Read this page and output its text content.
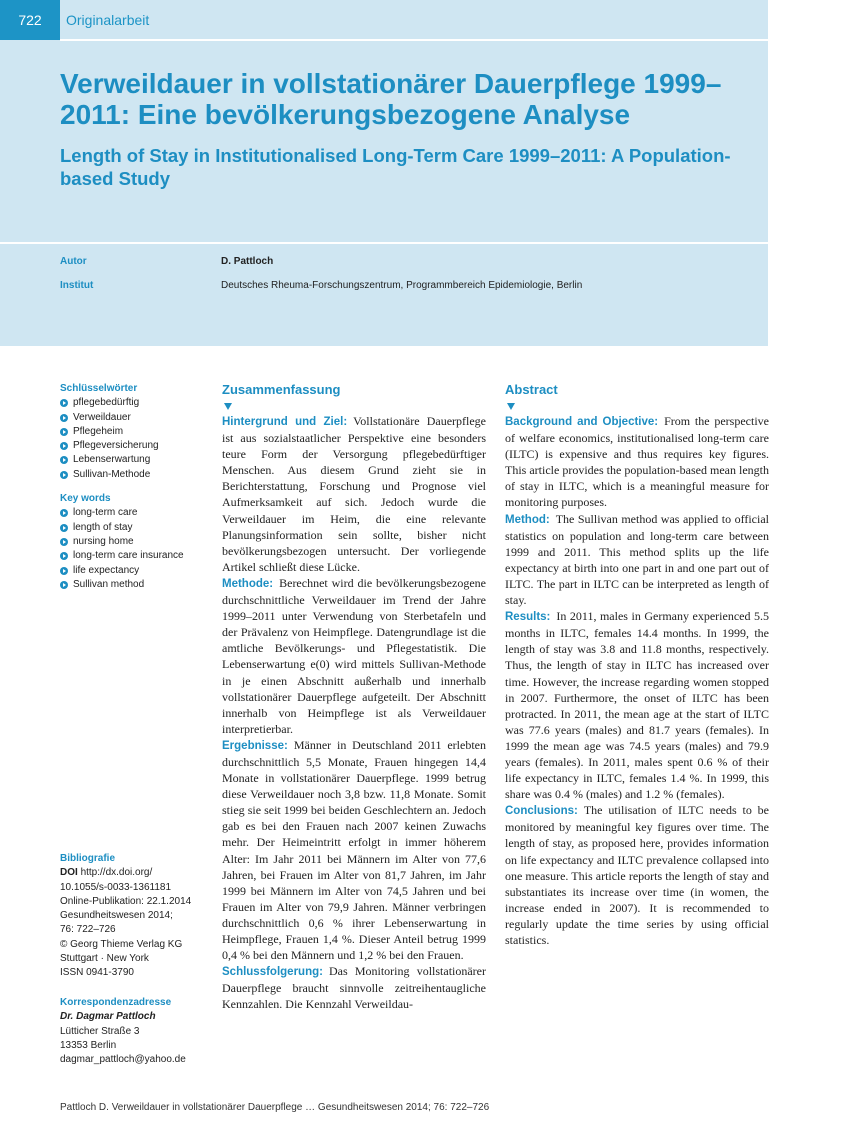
722	Originalarbeit
Verweildauer in vollstationärer Dauerpflege 1999–2011: Eine bevölkerungsbezogene Analyse
Length of Stay in Institutionalised Long-Term Care 1999–2011: A Population-based Study
Autor	D. Pattloch
Institut	Deutsches Rheuma-Forschungszentrum, Programmbereich Epidemiologie, Berlin

Schlüsselwörter

pflegebedürftig
Verweildauer
Pflegeheim
Pflegeversicherung
Lebenserwartung
Sullivan-Methode

Key words

long-term care
length of stay
nursing home
long-term care insurance
life expectancy
Sullivan method
Bibliografie
DOI http://dx.doi.org/
10.1055/s-0033-1361181
Online-Publikation: 22.1.2014
Gesundheitswesen 2014;
76: 722–726
© Georg Thieme Verlag KG
Stuttgart · New York
ISSN 0941-3790
Korrespondenzadresse
Dr. Dagmar Pattloch
Lütticher Straße 3
13353 Berlin
dagmar_pattloch@yahoo.de
Zusammenfassung

Hintergrund und Ziel: Vollstationäre Dauerpflege ist aus sozialstaatlicher Perspektive eine besonders teure Form der Versorgung pflegebedürftiger Menschen. Aus diesem Grund zieht sie in Berichterstattung, Forschung und Prognose viel Aufmerksamkeit auf sich. Jedoch wurde die Verweildauer im Heim, die eine relevante Planungsinformation sein sollte, bisher nicht bevölkerungsbezogen untersucht. Der vorliegende Artikel schließt diese Lücke.

Methode: Berechnet wird die bevölkerungsbezogene durchschnittliche Verweildauer im Trend der Jahre 1999–2011 unter Verwendung von Sterbetafeln und der Prävalenz von Heimpflege. Datengrundlage ist die amtliche Bevölkerungs- und Pflegestatistik. Die Lebenserwartung e(0) wird mittels Sullivan-Methode in je einen Abschnitt außerhalb und innerhalb vollstationärer Dauerpflege aufgeteilt. Der Abschnitt innerhalb von Heimpflege ist als Verweildauer interpretierbar.

Ergebnisse: Männer in Deutschland 2011 erlebten durchschnittlich 5,5 Monate, Frauen hingegen 14,4 Monate in vollstationärer Dauerpflege. 1999 betrug diese Verweildauer noch 3,8 bzw. 11,8 Monate. Somit stieg sie seit 1999 bei beiden Geschlechtern an. Jedoch gab es bei den Frauen nach 2007 keinen Zuwachs mehr. Der Heimeintritt erfolgt in immer höherem Alter: Im Jahr 2011 bei Männern im Alter von 77,6 Jahren, bei Frauen im Alter von 81,7 Jahren, im Jahr 1999 bei Männern im Alter von 74,5 Jahren und bei Frauen im Alter von 79,9 Jahren. Männer verbringen durchschnittlich 0,6 % ihrer Lebenserwartung in Heimpflege, Frauen 1,4 %. Dieser Anteil betrug 1999 0,4 % bei den Männern und 1,2 % bei den Frauen.

Schlussfolgerung: Das Monitoring vollstationärer Dauerpflege braucht sinnvolle zeitreihentaugliche Kennzahlen. Die Kennzahl Verweildau-

Abstract

Background and Objective: From the perspective of welfare economics, institutionalised long-term care (ILTC) is expensive and thus requires key figures. This article provides the population-based mean length of stay in ILTC, which is a meaningful measure for monitoring purposes.

Method: The Sullivan method was applied to official statistics on population and long-term care between 1999 and 2011. This method splits up the life expectancy at birth into one part in and one part out of ILTC. The part in ILTC can be interpreted as length of stay.

Results: In 2011, males in Germany experienced 5.5 months in ILTC, females 14.4 months. In 1999, the length of stay was 3.8 and 11.8 months, respectively. Thus, the length of stay in ILTC has increased over time. However, the increase regarding women stopped in 2007. Furthermore, the onset of ILTC has been protracted. In 2011, the mean age at the start of ILTC was 77.6 years (males) and 81.7 years (females). In 1999 the mean age was 74.5 years (males) and 79.9 years (females). In 2011, males spent 0.6 % of their life expectancy in ILTC, females 1.4 %. In 1999, this share was 0.4 % (males) and 1.2 % (females).

Conclusions: The utilisation of ILTC needs to be monitored by meaningful key figures over time. The length of stay, as proposed here, provides information on life expectancy and ILTC prevalence collapsed into one measure. This article reports the length of stay and substantiates its increase over time (in women, the increase ended in 2007). It is recommended to regularly update the time series by using official statistics.

Pattloch D. Verweildauer in vollstationärer Dauerpflege … Gesundheitswesen 2014; 76: 722–726
